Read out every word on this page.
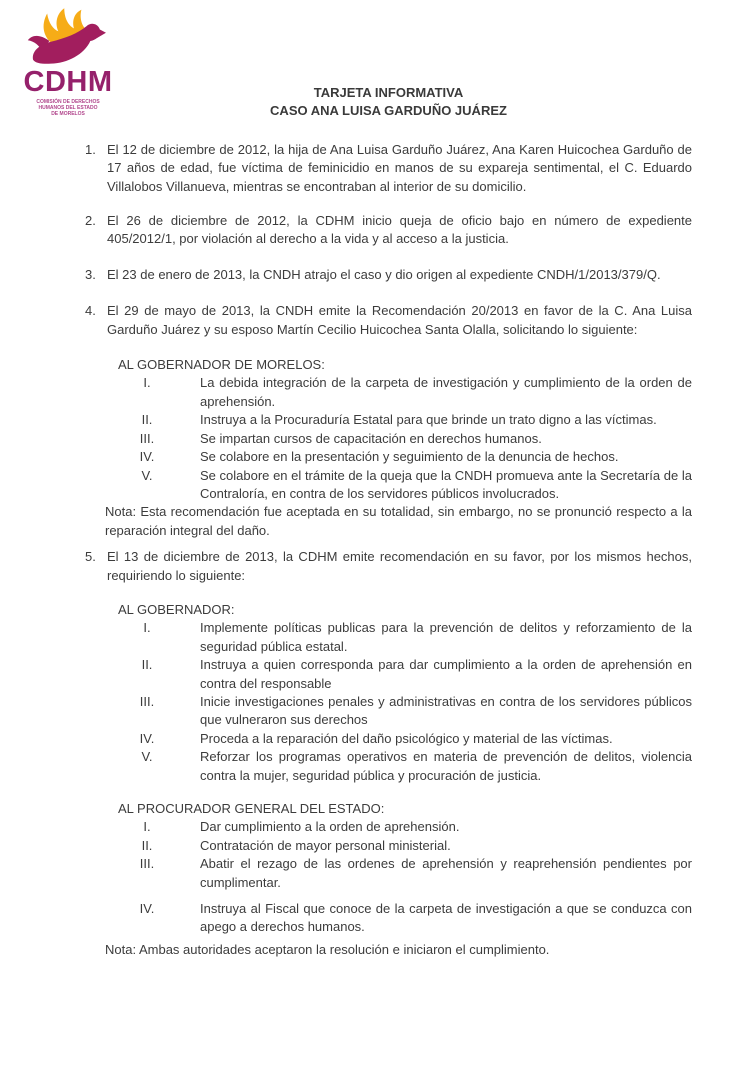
CDHM
COMISIÓN DE DERECHOS
HUMANOS DEL ESTADO
DE MORELOS
TARJETA INFORMATIVA
CASO ANA LUISA GARDUÑO JUÁREZ
1. El 12 de diciembre de 2012, la hija de Ana Luisa Garduño Juárez, Ana Karen Huicochea Garduño de 17 años de edad, fue víctima de feminicidio en manos de su expareja sentimental, el C. Eduardo Villalobos Villanueva, mientras se encontraban al interior de su domicilio.
2. El 26 de diciembre de 2012, la CDHM inicio queja de oficio bajo en número de expediente 405/2012/1, por violación al derecho a la vida y al acceso a la justicia.
3. El 23 de enero de 2013, la CNDH atrajo el caso y dio origen al expediente CNDH/1/2013/379/Q.
4. El 29 de mayo de 2013, la CNDH emite la Recomendación 20/2013 en favor de la C. Ana Luisa Garduño Juárez y su esposo Martín Cecilio Huicochea Santa Olalla, solicitando lo siguiente:
AL GOBERNADOR DE MORELOS:
I.	La debida integración de la carpeta de investigación y cumplimiento de la orden de aprehensión.
II.	Instruya a la Procuraduría Estatal para que brinde un trato digno a las víctimas.
III.	Se impartan cursos de capacitación en derechos humanos.
IV.	Se colabore en la presentación y seguimiento de la denuncia de hechos.
V.	Se colabore en el trámite de la queja que la CNDH promueva ante la Secretaría de la Contraloría, en contra de los servidores públicos involucrados.
Nota: Esta recomendación fue aceptada en su totalidad, sin embargo, no se pronunció respecto a la reparación integral del daño.
5. El 13 de diciembre de 2013, la CDHM emite recomendación en su favor, por los mismos hechos, requiriendo lo siguiente:
AL GOBERNADOR:
I.	Implemente políticas publicas para la prevención de delitos y reforzamiento de la seguridad pública estatal.
II.	Instruya a quien corresponda para dar cumplimiento a la orden de aprehensión en contra del responsable
III.	Inicie investigaciones penales y administrativas en contra de los servidores públicos que vulneraron sus derechos
IV.	Proceda a la reparación del daño psicológico y material de las víctimas.
V.	Reforzar los programas operativos en materia de prevención de delitos, violencia contra la mujer, seguridad pública y procuración de justicia.
AL PROCURADOR GENERAL DEL ESTADO:
I.	Dar cumplimiento a la orden de aprehensión.
II.	Contratación de mayor personal ministerial.
III.	Abatir el rezago de las ordenes de aprehensión y reaprehensión pendientes por cumplimentar.
IV.	Instruya al Fiscal que conoce de la carpeta de investigación a que se conduzca con apego a derechos humanos.
Nota: Ambas autoridades aceptaron la resolución e iniciaron el cumplimiento.
